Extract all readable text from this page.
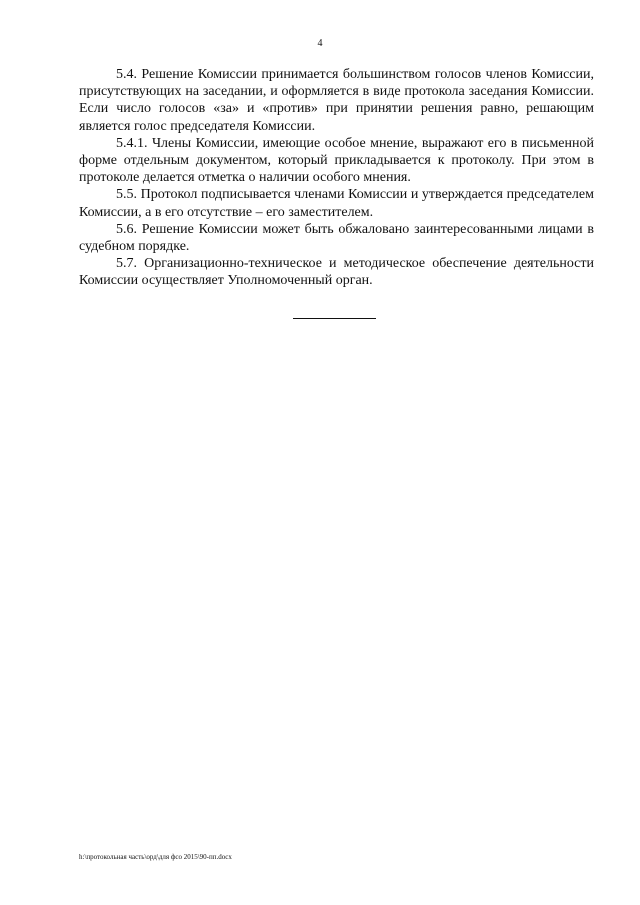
4

5.4. Решение Комиссии принимается большинством голосов членов Комиссии, присутствующих на заседании, и оформляется в виде протокола заседания Комиссии. Если число голосов «за» и «против» при принятии решения равно, решающим является голос председателя Комиссии.

5.4.1. Члены Комиссии, имеющие особое мнение, выражают его в письменной форме отдельным документом, который прикладывается к протоколу. При этом в протоколе делается отметка о наличии особого мнения.

5.5. Протокол подписывается членами Комиссии и утверждается председателем Комиссии, а в его отсутствие – его заместителем.

5.6. Решение Комиссии может быть обжаловано заинтересованными лицами в судебном порядке.

5.7. Организационно-техническое и методическое обеспечение деятельности Комиссии осуществляет Уполномоченный орган.

h:\протокольная часть\орд\для фсо 2015\90-пп.docx
